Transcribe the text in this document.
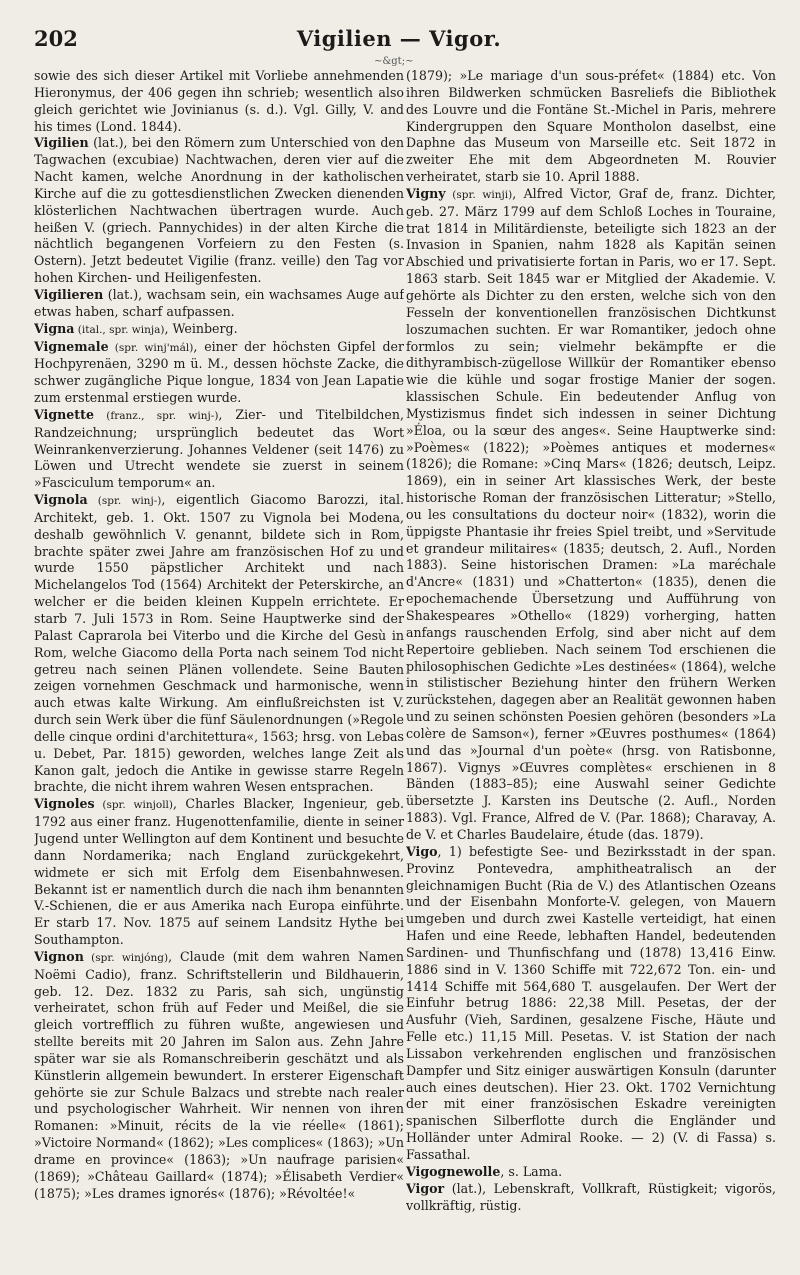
202	Vigilien — Vigor.
~&gt;~

sowie des sich dieser Artikel mit Vorliebe annehmenden Hieronymus, der 406 gegen ihn schrieb; wesentlich also gleich gerichtet wie Jovinianus (s. d.). Vgl. Gilly, V. and his times (Lond. 1844).

Vigilien (lat.), bei den Römern zum Unterschied von den Tagwachen (excubiae) Nachtwachen, deren vier auf die Nacht kamen, welche Anordnung in der katholischen Kirche auf die zu gottesdienstlichen Zwecken dienenden klösterlichen Nachtwachen übertragen wurde. Auch heißen V. (griech. Pannychides) in der alten Kirche die nächtlich begangenen Vorfeiern zu den Festen (s. Ostern). Jetzt bedeutet Vigilie (franz. veille) den Tag vor hohen Kirchen- und Heiligenfesten.

Vigilieren (lat.), wachsam sein, ein wachsames Auge auf etwas haben, scharf aufpassen.

Vigna (ital., spr. winja), Weinberg.

Vignemale (spr. winj'mál), einer der höchsten Gipfel der Hochpyrenäen, 3290 m ü. M., dessen höchste Zacke, die schwer zugängliche Pique longue, 1834 von Jean Lapatie zum erstenmal erstiegen wurde.

Vignette (franz., spr. winj-), Zier- und Titelbildchen, Randzeichnung; ursprünglich bedeutet das Wort Weinrankenverzierung. Johannes Veldener (seit 1476) zu Löwen und Utrecht wendete sie zuerst in seinem »Fasciculum temporum« an.

Vignola (spr. winj-), eigentlich Giacomo Barozzi, ital. Architekt, geb. 1. Okt. 1507 zu Vignola bei Modena, deshalb gewöhnlich V. genannt, bildete sich in Rom, brachte später zwei Jahre am französischen Hof zu und wurde 1550 päpstlicher Architekt und nach Michelangelos Tod (1564) Architekt der Peterskirche, an welcher er die beiden kleinen Kuppeln errichtete. Er starb 7. Juli 1573 in Rom. Seine Hauptwerke sind der Palast Caprarola bei Viterbo und die Kirche del Gesù in Rom, welche Giacomo della Porta nach seinem Tod nicht getreu nach seinen Plänen vollendete. Seine Bauten zeigen vornehmen Geschmack und harmonische, wenn auch etwas kalte Wirkung. Am einflußreichsten ist V. durch sein Werk über die fünf Säulenordnungen (»Regole delle cinque ordini d'architettura«, 1563; hrsg. von Lebas u. Debet, Par. 1815) geworden, welches lange Zeit als Kanon galt, jedoch die Antike in gewisse starre Regeln brachte, die nicht ihrem wahren Wesen entsprachen.

Vignoles (spr. winjoll), Charles Blacker, Ingenieur, geb. 1792 aus einer franz. Hugenottenfamilie, diente in seiner Jugend unter Wellington auf dem Kontinent und besuchte dann Nordamerika; nach England zurückgekehrt, widmete er sich mit Erfolg dem Eisenbahnwesen. Bekannt ist er namentlich durch die nach ihm benannten V.-Schienen, die er aus Amerika nach Europa einführte. Er starb 17. Nov. 1875 auf seinem Landsitz Hythe bei Southampton.

Vignon (spr. winjóng), Claude (mit dem wahren Namen Noëmi Cadio), franz. Schriftstellerin und Bildhauerin, geb. 12. Dez. 1832 zu Paris, sah sich, ungünstig verheiratet, schon früh auf Feder und Meißel, die sie gleich vortrefflich zu führen wußte, angewiesen und stellte bereits mit 20 Jahren im Salon aus. Zehn Jahre später war sie als Romanschreiberin geschätzt und als Künstlerin allgemein bewundert. In ersterer Eigenschaft gehörte sie zur Schule Balzacs und strebte nach realer und psychologischer Wahrheit. Wir nennen von ihren Romanen: »Minuit, récits de la vie réelle« (1861); »Victoire Normand« (1862); »Les complices« (1863); »Un drame en province« (1863); »Un naufrage parisien« (1869); »Château Gaillard« (1874); »Élisabeth Verdier« (1875); »Les drames ignorés« (1876); »Révoltée!«

(1879); »Le mariage d'un sous-préfet« (1884) etc. Von ihren Bildwerken schmücken Basreliefs die Bibliothek des Louvre und die Fontäne St.-Michel in Paris, mehrere Kindergruppen den Square Montholon daselbst, eine Daphne das Museum von Marseille etc. Seit 1872 in zweiter Ehe mit dem Abgeordneten M. Rouvier verheiratet, starb sie 10. April 1888.

Vigny (spr. winji), Alfred Victor, Graf de, franz. Dichter, geb. 27. März 1799 auf dem Schloß Loches in Touraine, trat 1814 in Militärdienste, beteiligte sich 1823 an der Invasion in Spanien, nahm 1828 als Kapitän seinen Abschied und privatisierte fortan in Paris, wo er 17. Sept. 1863 starb. Seit 1845 war er Mitglied der Akademie. V. gehörte als Dichter zu den ersten, welche sich von den Fesseln der konventionellen französischen Dichtkunst loszumachen suchten. Er war Romantiker, jedoch ohne formlos zu sein; vielmehr bekämpfte er die dithyrambisch-zügellose Willkür der Romantiker ebenso wie die kühle und sogar frostige Manier der sogen. klassischen Schule. Ein bedeutender Anflug von Mystizismus findet sich indessen in seiner Dichtung »Éloa, ou la sœur des anges«. Seine Hauptwerke sind: »Poèmes« (1822); »Poèmes antiques et modernes« (1826); die Romane: »Cinq Mars« (1826; deutsch, Leipz. 1869), ein in seiner Art klassisches Werk, der beste historische Roman der französischen Litteratur; »Stello, ou les consultations du docteur noir« (1832), worin die üppigste Phantasie ihr freies Spiel treibt, und »Servitude et grandeur militaires« (1835; deutsch, 2. Aufl., Norden 1883). Seine historischen Dramen: »La maréchale d'Ancre« (1831) und »Chatterton« (1835), denen die epochemachende Übersetzung und Aufführung von Shakespeares »Othello« (1829) vorherging, hatten anfangs rauschenden Erfolg, sind aber nicht auf dem Repertoire geblieben. Nach seinem Tod erschienen die philosophischen Gedichte »Les destinées« (1864), welche in stilistischer Beziehung hinter den frühern Werken zurückstehen, dagegen aber an Realität gewonnen haben und zu seinen schönsten Poesien gehören (besonders »La colère de Samson«), ferner »Œuvres posthumes« (1864) und das »Journal d'un poète« (hrsg. von Ratisbonne, 1867). Vignys »Œuvres complètes« erschienen in 8 Bänden (1883–85); eine Auswahl seiner Gedichte übersetzte J. Karsten ins Deutsche (2. Aufl., Norden 1883). Vgl. France, Alfred de V. (Par. 1868); Charavay, A. de V. et Charles Baudelaire, étude (das. 1879).

Vigo, 1) befestigte See- und Bezirksstadt in der span. Provinz Pontevedra, amphitheatralisch an der gleichnamigen Bucht (Ria de V.) des Atlantischen Ozeans und der Eisenbahn Monforte-V. gelegen, von Mauern umgeben und durch zwei Kastelle verteidigt, hat einen Hafen und eine Reede, lebhaften Handel, bedeutenden Sardinen- und Thunfischfang und (1878) 13,416 Einw. 1886 sind in V. 1360 Schiffe mit 722,672 Ton. ein- und 1414 Schiffe mit 564,680 T. ausgelaufen. Der Wert der Einfuhr betrug 1886: 22,38 Mill. Pesetas, der der Ausfuhr (Vieh, Sardinen, gesalzene Fische, Häute und Felle etc.) 11,15 Mill. Pesetas. V. ist Station der nach Lissabon verkehrenden englischen und französischen Dampfer und Sitz einiger auswärtigen Konsuln (darunter auch eines deutschen). Hier 23. Okt. 1702 Vernichtung der mit einer französischen Eskadre vereinigten spanischen Silberflotte durch die Engländer und Holländer unter Admiral Rooke. — 2) (V. di Fassa) s. Fassathal.

Vigognewolle, s. Lama.

Vigor (lat.), Lebenskraft, Vollkraft, Rüstigkeit; vigorös, vollkräftig, rüstig.
